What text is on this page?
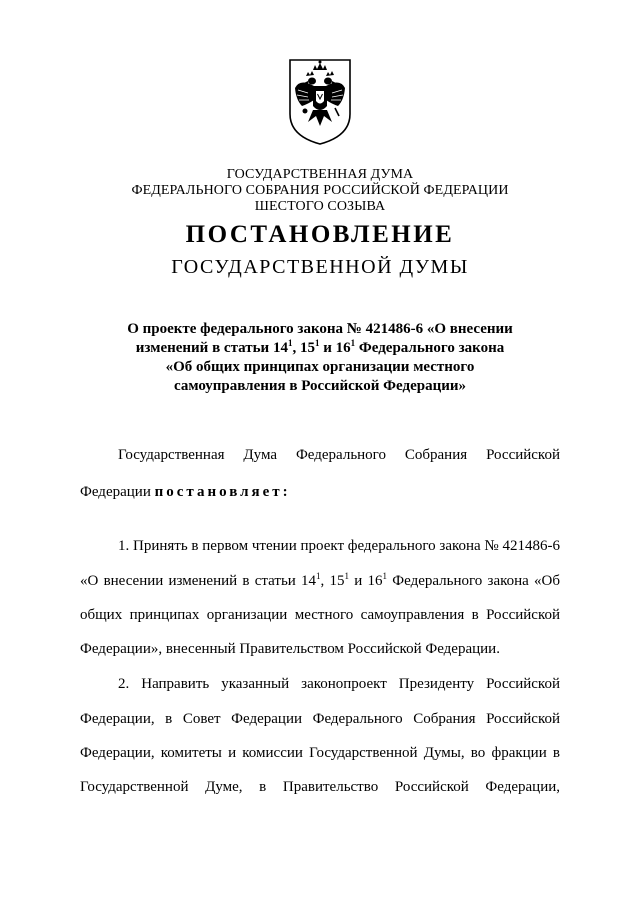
ГОСУДАРСТВЕННАЯ ДУМА
ФЕДЕРАЛЬНОГО СОБРАНИЯ РОССИЙСКОЙ ФЕДЕРАЦИИ
ШЕСТОГО СОЗЫВА
ПОСТАНОВЛЕНИЕ
ГОСУДАРСТВЕННОЙ ДУМЫ
О проекте федерального закона № 421486-6 «О внесении
изменений в статьи $14^1$, $15^1$ и $16^1$ Федерального закона
«Об общих принципах организации местного
самоуправления в Российской Федерации»
Государственная Дума Федерального Собрания Российской
Федерации постановляет:
1. Принять в первом чтении проект федерального закона № 421486-6
«О внесении изменений в статьи $14^1$, $15^1$ и $16^1$ Федерального закона «Об
общих принципах организации местного самоуправления в Российской
Федерации», внесенный Правительством Российской Федерации.
2. Направить указанный законопроект Президенту Российской
Федерации, в Совет Федерации Федерального Собрания Российской
Федерации, комитеты и комиссии Государственной Думы, во фракции в
Государственной Думе, в Правительство Российской Федерации,
